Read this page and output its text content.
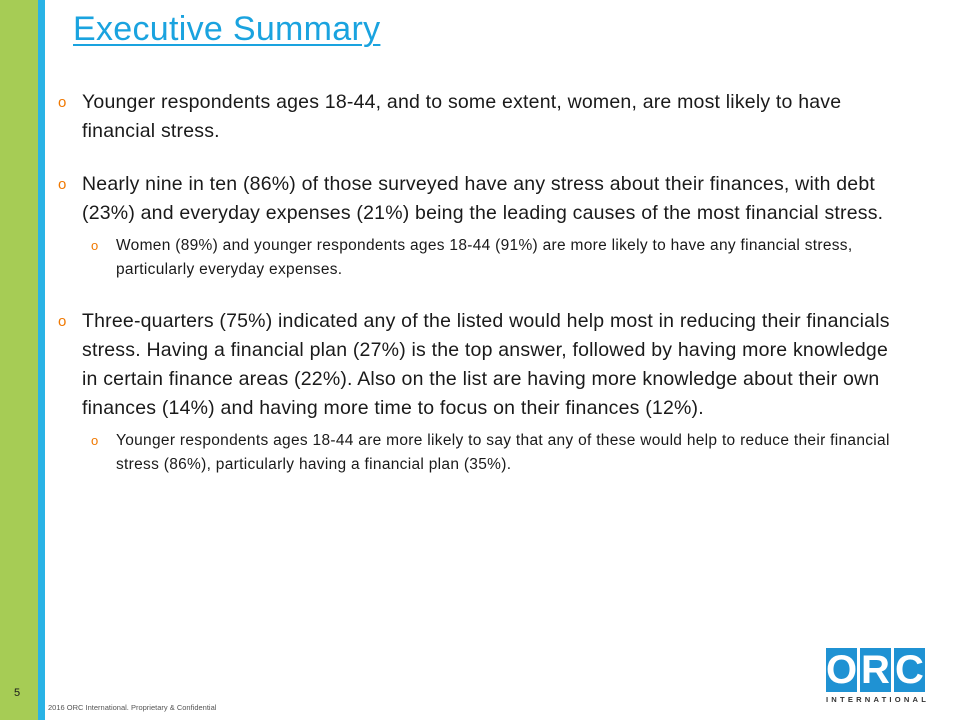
Executive Summary
o Younger respondents ages 18-44, and to some extent, women, are most likely to have financial stress.
o Nearly nine in ten (86%) of those surveyed have any stress about their finances, with debt (23%) and everyday expenses (21%) being the leading causes of the most financial stress.
o	Women (89%) and younger respondents ages 18-44 (91%) are more likely to have any financial stress, particularly everyday expenses.
o Three-quarters (75%) indicated any of the listed would help most in reducing their financials stress. Having a financial plan (27%) is the top answer, followed by having more knowledge in certain finance areas (22%). Also on the list are having more knowledge about their own finances (14%) and having more time to focus on their finances (12%).
o	Younger respondents ages 18-44 are more likely to say that any of these would help to reduce their financial stress (86%), particularly having a financial plan (35%).
5
2016 ORC International. Proprietary & Confidential
O R C
INTERNATIONAL
